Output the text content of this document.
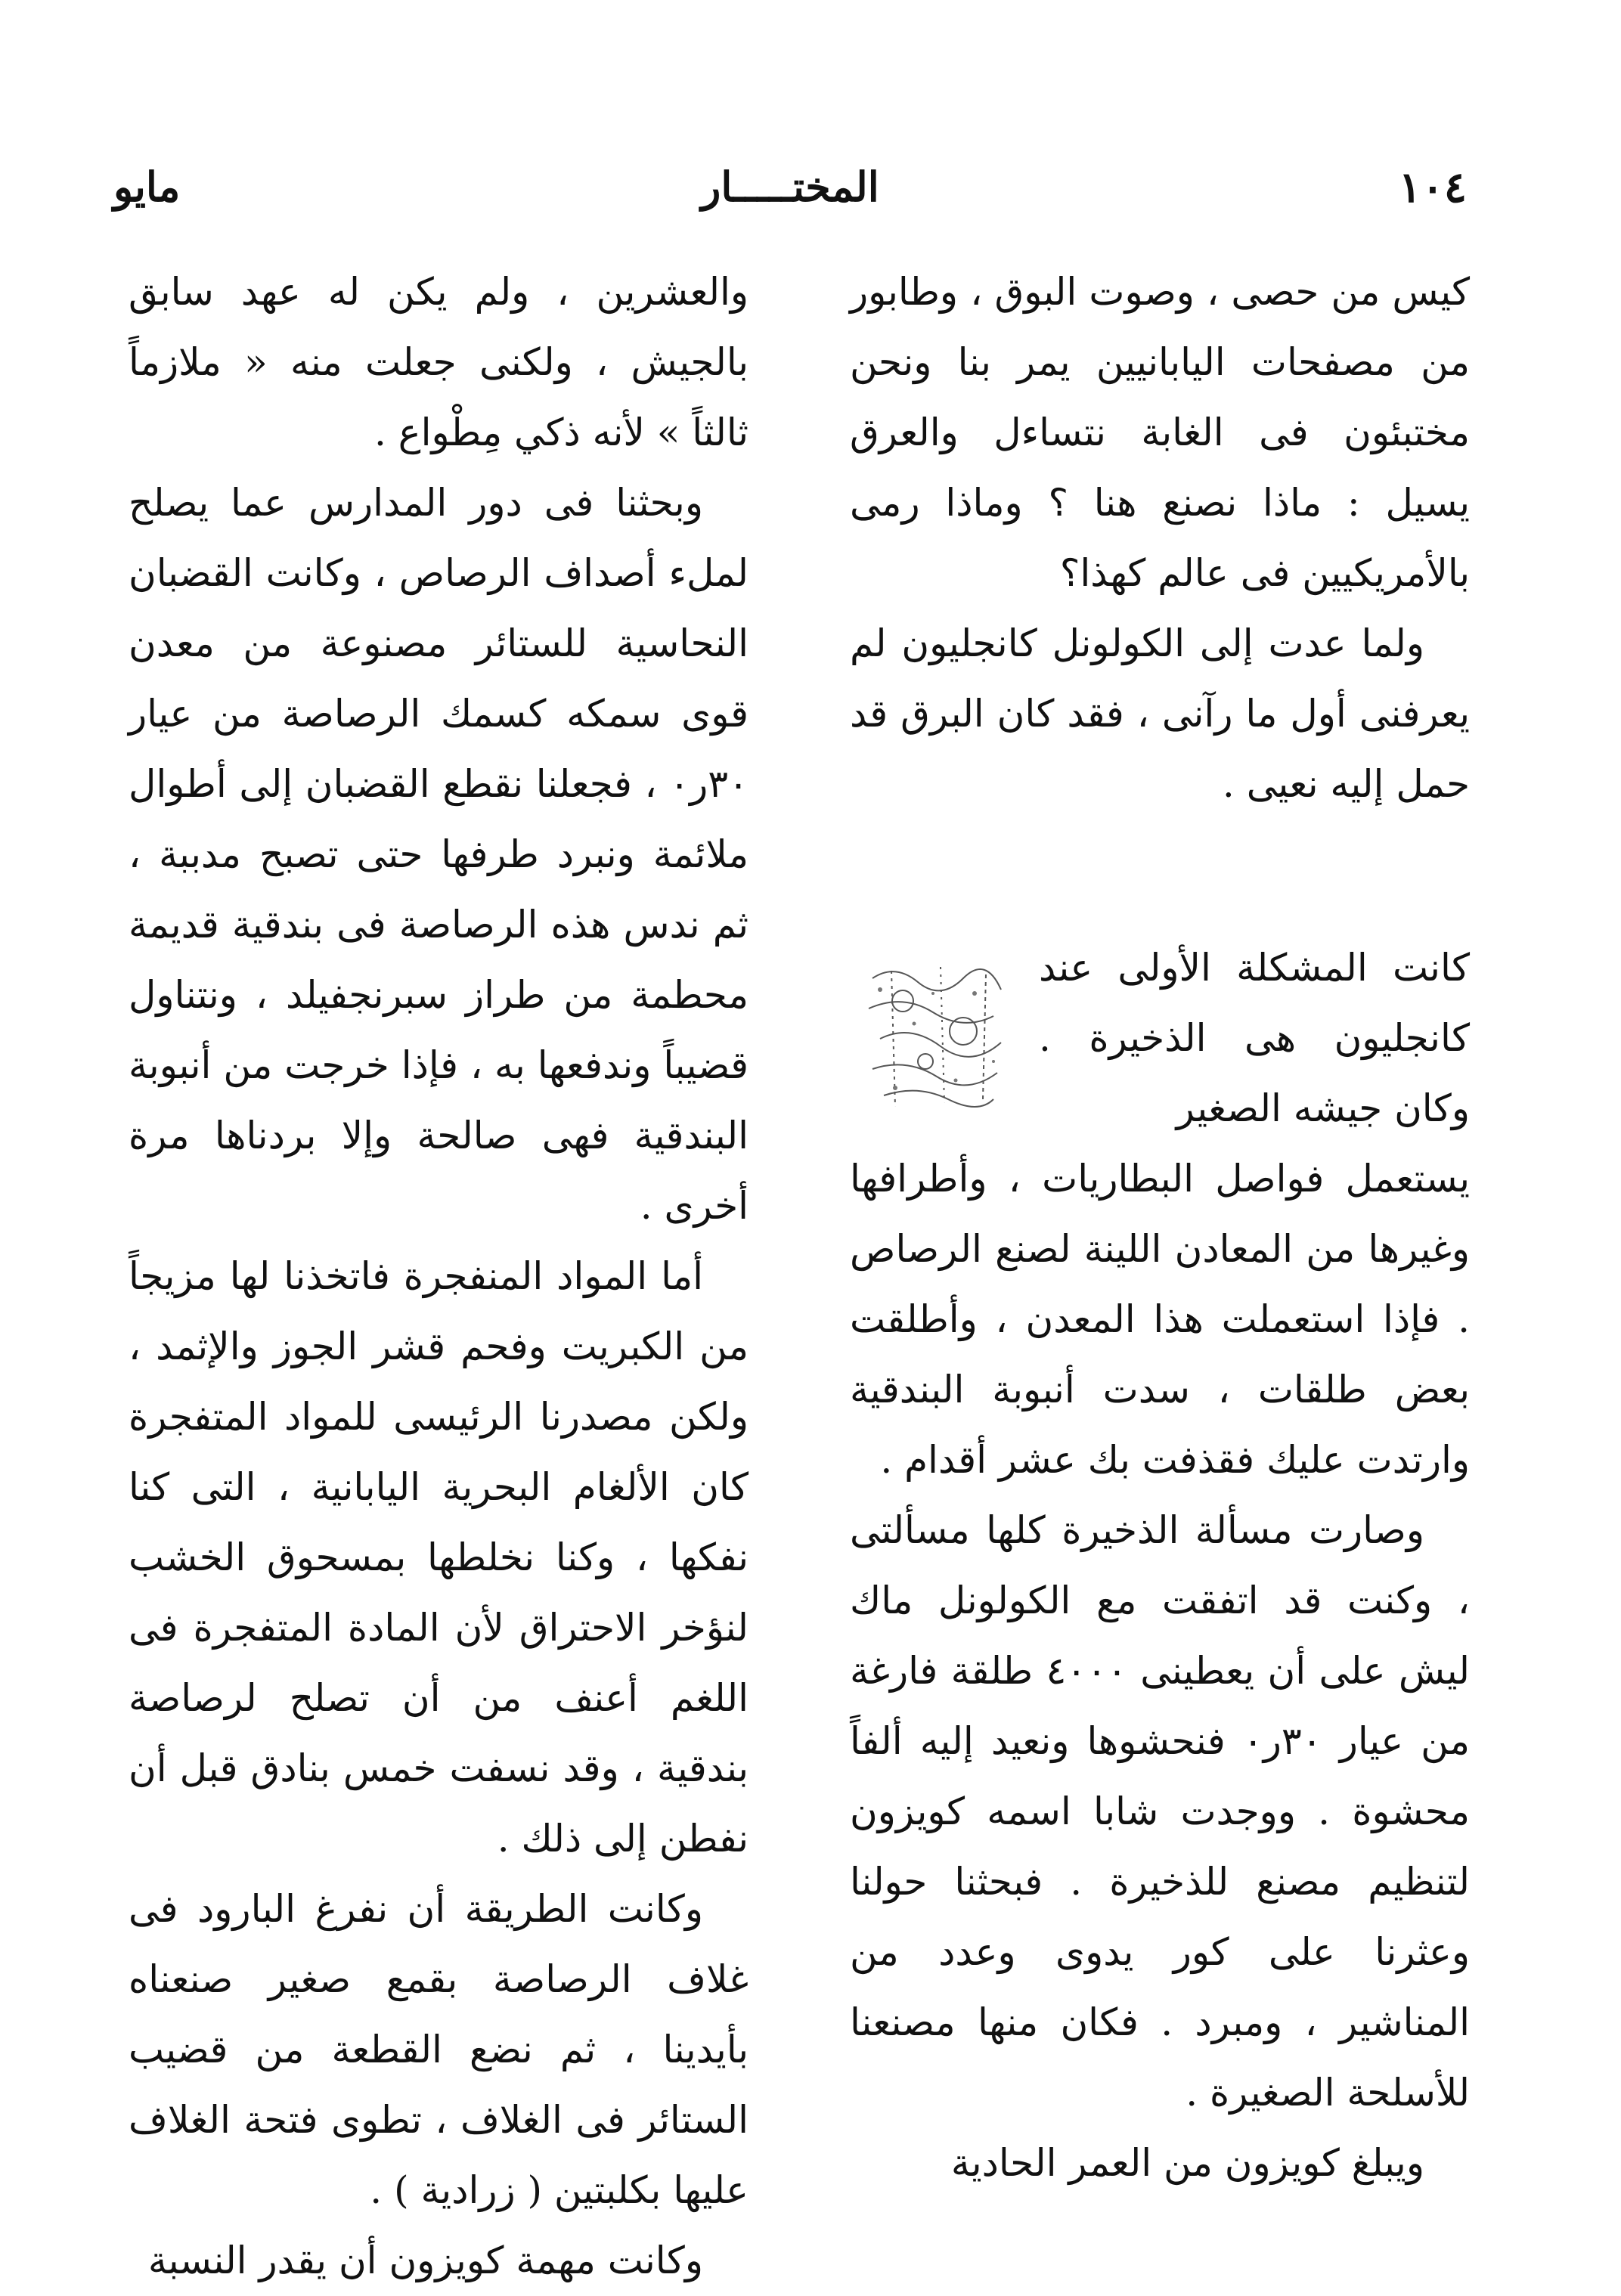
١٠٤
المختـــــار
مايو

كيس من حصى ، وصوت البوق ، وطابور من مصفحات اليابانيين يمر بنا ونحن مختبئون فى الغابة نتساءل والعرق يسيل : ماذا نصنع هنا ؟ وماذا رمى بالأمريكيين فى عالم كهذا؟

ولما عدت إلى الكولونل كانجليون لم يعرفنى أول ما رآنى ، فقد كان البرق قد حمل إليه نعيى .

كانت المشكلة الأولى عند كانجليون هى الذخيرة . وكان جيشه الصغير

يستعمل فواصل البطاريات ، وأطرافها وغيرها من المعادن اللينة لصنع الرصاص . فإذا استعملت هذا المعدن ، وأطلقت بعض طلقات ، سدت أنبوبة البندقية وارتدت عليك فقذفت بك عشر أقدام .

وصارت مسألة الذخيرة كلها مسألتى ، وكنت قد اتفقت مع الكولونل ماك ليش على أن يعطينى ٤٠٠٠ طلقة فارغة من عيار ٣٠ر٠ فنحشوها ونعيد إليه ألفاً محشوة . ووجدت شابا اسمه كويزون لتنظيم مصنع للذخيرة . فبحثنا حولنا وعثرنا على كور يدوى وعدد من المناشير ، ومبرد . فكان منها مصنعنا للأسلحة الصغيرة .

ويبلغ كويزون من العمر الحادية

والعشرين ، ولم يكن له عهد سابق بالجيش ، ولكنى جعلت منه « ملازماً ثالثاً » لأنه ذكي مِطْواع .

وبحثنا فى دور المدارس عما يصلح لملء أصداف الرصاص ، وكانت القضبان النحاسية للستائر مصنوعة من معدن قوى سمكه كسمك الرصاصة من عيار ٣٠ر٠ ، فجعلنا نقطع القضبان إلى أطوال ملائمة ونبرد طرفها حتى تصبح مدببة ، ثم ندس هذه الرصاصة فى بندقية قديمة محطمة من طراز سبرنجفيلد ، ونتناول قضيباً وندفعها به ، فإذا خرجت من أنبوبة البندقية فهى صالحة وإلا بردناها مرة أخرى .

أما المواد المنفجرة فاتخذنا لها مزيجاً من الكبريت وفحم قشر الجوز والإثمد ، ولكن مصدرنا الرئيسى للمواد المتفجرة كان الألغام البحرية اليابانية ، التى كنا نفكها ، وكنا نخلطها بمسحوق الخشب لنؤخر الاحتراق لأن المادة المتفجرة فى اللغم أعنف من أن تصلح لرصاصة بندقية ، وقد نسفت خمس بنادق قبل أن نفطن إلى ذلك .

وكانت الطريقة أن نفرغ البارود فى غلاف الرصاصة بقمع صغير صنعناه بأيدينا ، ثم نضع القطعة من قضيب الستائر فى الغلاف ، تطوى فتحة الغلاف عليها بكلبتين ( زرادية ) .

وكانت مهمة كويزون أن يقدر النسبة
